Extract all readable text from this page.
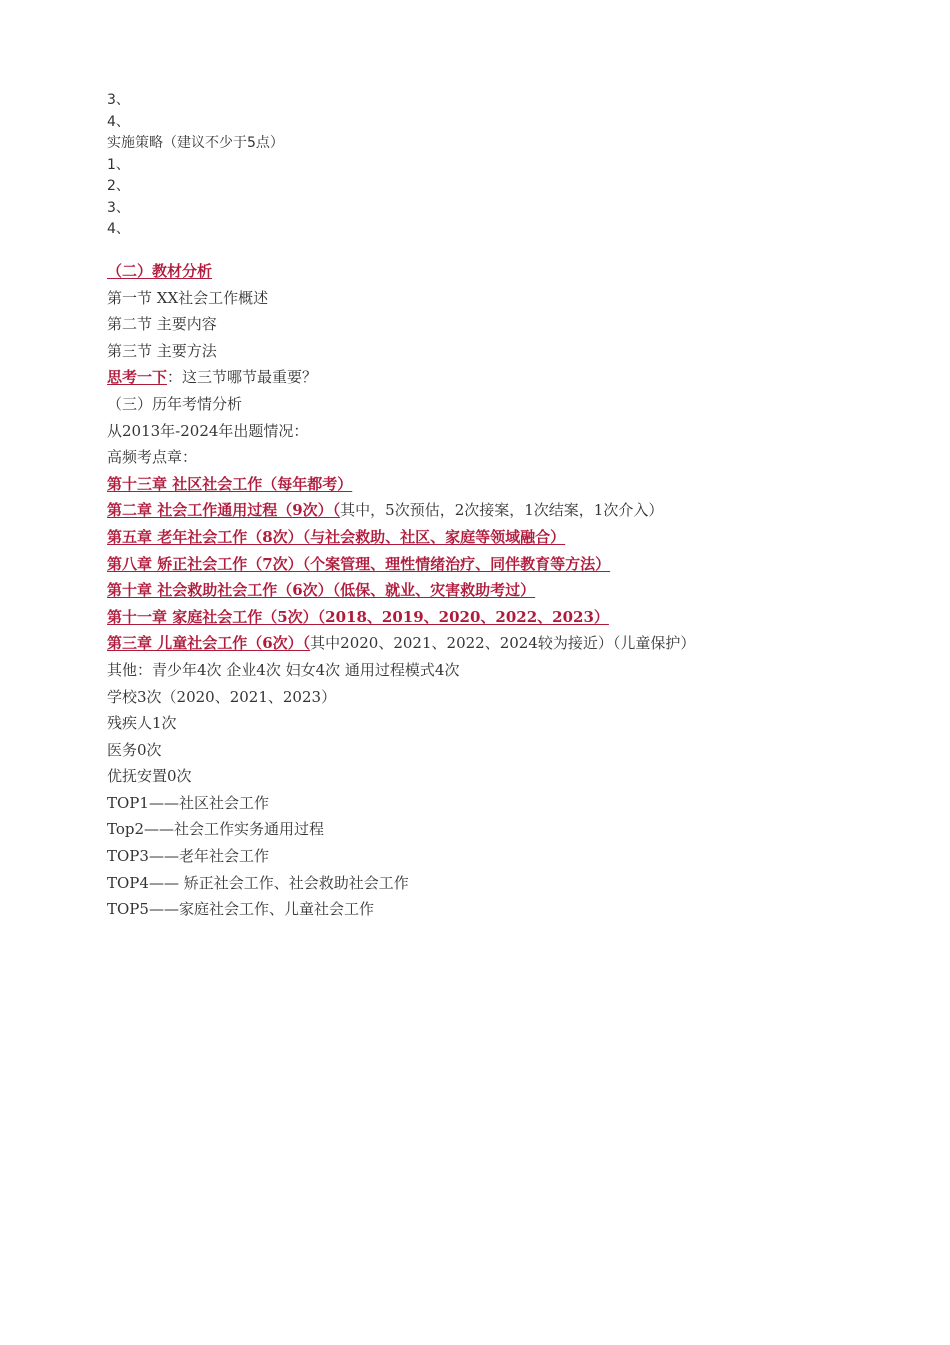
3、
4、
实施策略（建议不少于5点）
1、
2、
3、
4、
（二）教材分析
第一节 XX社会工作概述
第二节 主要内容
第三节 主要方法
思考一下：这三节哪节最重要？
（三）历年考情分析
从2013年-2024年出题情况：
高频考点章：
第十三章 社区社会工作（每年都考）
第二章 社会工作通用过程（9次）（其中，5次预估，2次接案，1次结案，1次介入）
第五章 老年社会工作（8次）（与社会救助、社区、家庭等领域融合）
第八章 矫正社会工作（7次）（个案管理、理性情绪治疗、同伴教育等方法）
第十章 社会救助社会工作（6次）（低保、就业、灾害救助考过）
第十一章 家庭社会工作（5次）（2018、2019、2020、2022、2023）
第三章 儿童社会工作（6次）（其中2020、2021、2022、2024较为接近）（儿童保护）
其他：青少年4次 企业4次 妇女4次 通用过程模式4次
学校3次（2020、2021、2023）
残疾人1次
医务0次
优抚安置0次
TOP1——社区社会工作
Top2——社会工作实务通用过程
TOP3——老年社会工作
TOP4—— 矫正社会工作、社会救助社会工作
TOP5——家庭社会工作、儿童社会工作
